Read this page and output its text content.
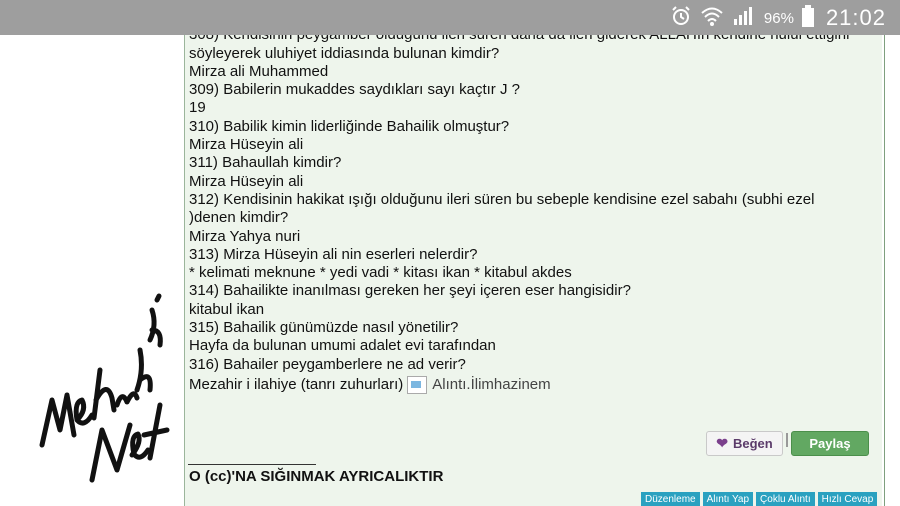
96% 21:02
söyleyerek uluhiyet iddiasında bulunan kimdir?
Mirza ali Muhammed
309) Babilerin mukaddes saydıkları sayı kaçtır J ?
19
310) Babilik kimin liderliğinde Bahailik olmuştur?
Mirza Hüseyin ali
311) Bahaullah kimdir?
Mirza Hüseyin ali
312) Kendisinin hakikat ışığı olduğunu ileri süren bu sebeple kendisine ezel sabahı (subhi ezel
)denen kimdir?
Mirza Yahya nuri
313) Mirza Hüseyin ali nin eserleri nelerdir?
* kelimati meknune * yedi vadi * kitası ikan * kitabul akdes
314) Bahailikte inanılması gereken her şeyi içeren eser hangisidir?
kitabul ikan
315) Bahailik günümüzde nasıl yönetilir?
Hayfa da bulunan umumi adalet evi tarafından
316) Bahailer peygamberlere ne ad verir?
Mezahir i ilahiye (tanrı zuhurları) Alıntı.İlimhazinem
❤ Beğen	Paylaş
O (cc)'NA SIĞINMAK AYRICALIKTIR
Düzenleme	Alıntı Yap	Çoklu Alıntı	Hızlı Cevap
